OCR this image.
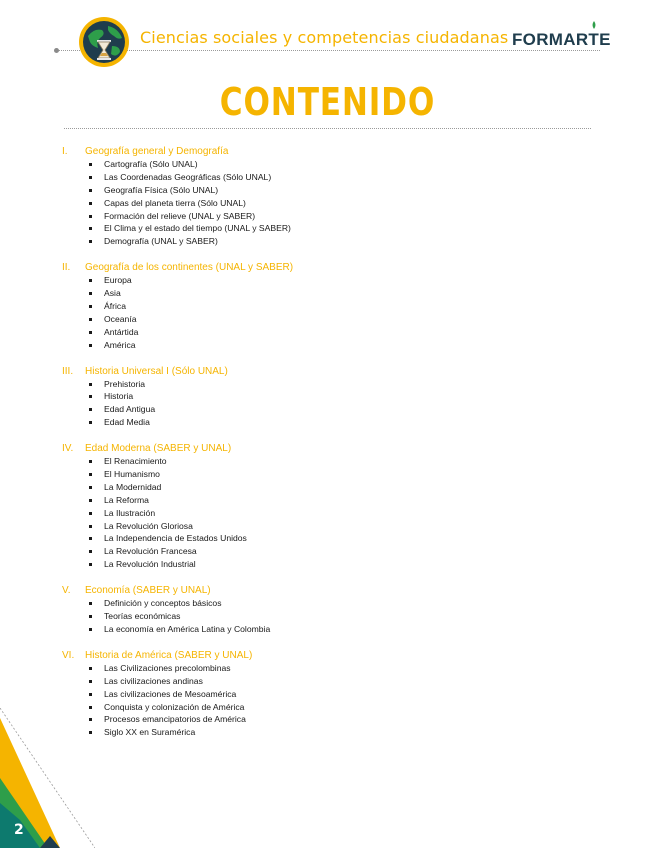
Ciencias sociales y competencias ciudadanas FORMARTE
CONTENIDO
I.	Geografía general y Demografía
Cartografía (Sólo UNAL)
Las Coordenadas Geográficas (Sólo UNAL)
Geografía Física (Sólo UNAL)
Capas del planeta tierra (Sólo UNAL)
Formación del relieve (UNAL y SABER)
El Clima y el estado del tiempo (UNAL y SABER)
Demografía (UNAL y SABER)
II.	Geografía de los continentes (UNAL y SABER)
Europa
Asia
África
Oceanía
Antártida
América
III.	Historia Universal I (Sólo UNAL)
Prehistoria
Historia
Edad Antigua
Edad Media
IV.	Edad Moderna (SABER y UNAL)
El Renacimiento
El Humanismo
La Modernidad
La Reforma
La Ilustración
La Revolución Gloriosa
La Independencia de Estados Unidos
La Revolución Francesa
La Revolución Industrial
V.	Economía (SABER y UNAL)
Definición y conceptos básicos
Teorías económicas
La economía en América Latina y Colombia
VI.	Historia de América (SABER y UNAL)
Las Civilizaciones precolombinas
Las civilizaciones andinas
Las civilizaciones de Mesoamérica
Conquista y colonización de América
Procesos emancipatorios de América
Siglo XX en Suramérica
2
